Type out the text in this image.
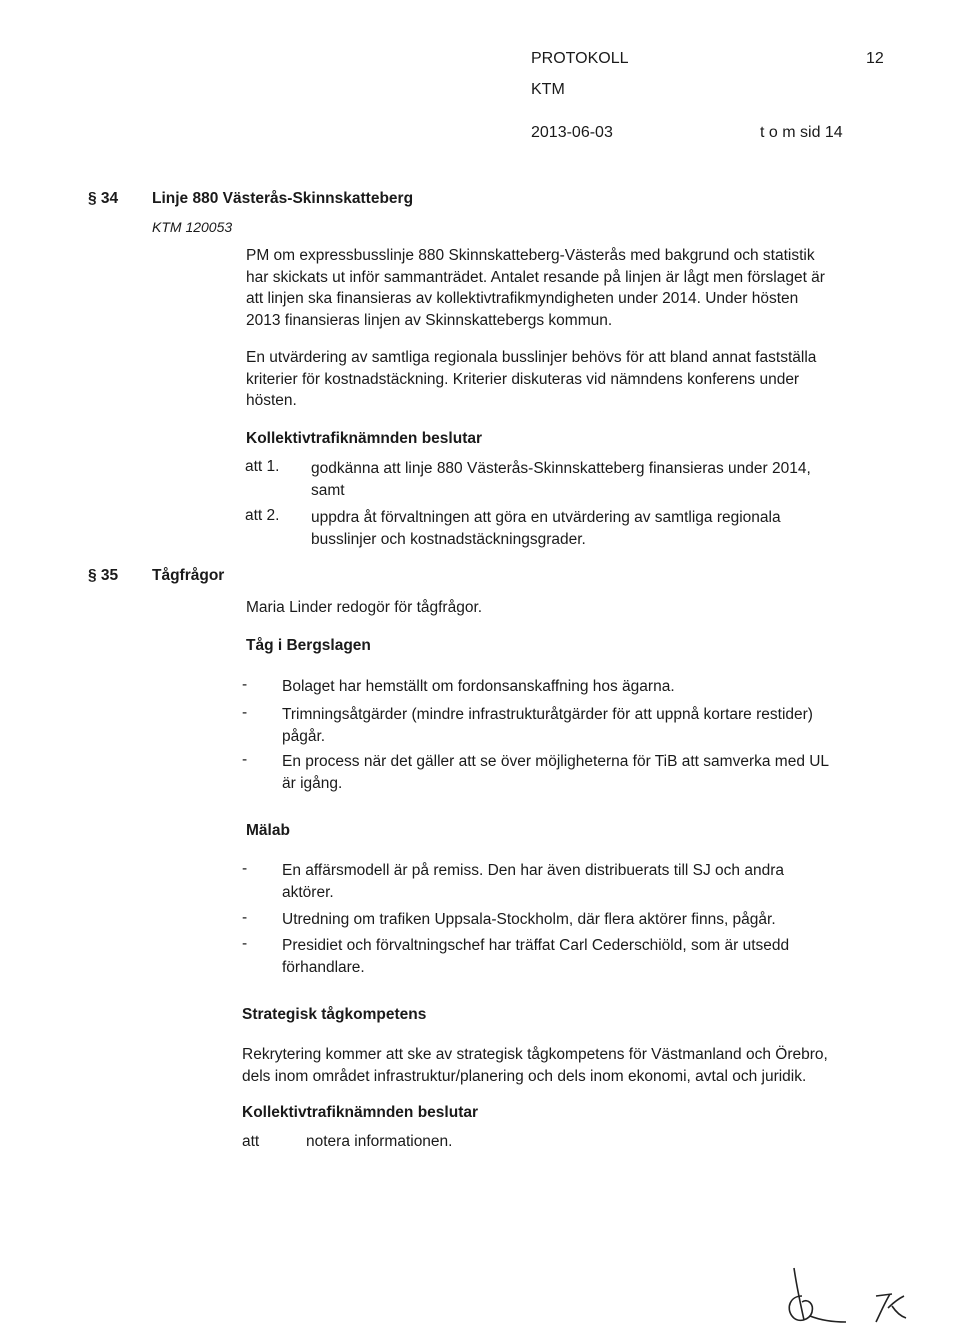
PROTOKOLL	12
KTM
2013-06-03	t o m sid 14
§ 34 Linje 880 Västerås-Skinnskatteberg
KTM 120053
PM om expressbusslinje 880 Skinnskatteberg-Västerås med bakgrund och statistik
har skickats ut inför sammanträdet. Antalet resande på linjen är lågt men förslaget är
att linjen ska finansieras av kollektivtrafikmyndigheten under 2014. Under hösten
2013 finansieras linjen av Skinnskattebergs kommun.
En utvärdering av samtliga regionala busslinjer behövs för att bland annat fastställa
kriterier för kostnadstäckning. Kriterier diskuteras vid nämndens konferens under
hösten.
Kollektivtrafiknämnden beslutar
att 1. godkänna att linje 880 Västerås-Skinnskatteberg finansieras under 2014,
samt
att 2. uppdra åt förvaltningen att göra en utvärdering av samtliga regionala
busslinjer och kostnadstäckningsgrader.
§ 35 Tågfrågor
Maria Linder redogör för tågfrågor.
Tåg i Bergslagen
- Bolaget har hemställt om fordonsanskaffning hos ägarna.
- Trimningsåtgärder (mindre infrastrukturåtgärder för att uppnå kortare restider)
pågår.
- En process när det gäller att se över möjligheterna för TiB att samverka med UL
är igång.
Mälab
- En affärsmodell är på remiss. Den har även distribuerats till SJ och andra
aktörer.
- Utredning om trafiken Uppsala-Stockholm, där flera aktörer finns, pågår.
- Presidiet och förvaltningschef har träffat Carl Cederschiöld, som är utsedd
förhandlare.
Strategisk tågkompetens
Rekrytering kommer att ske av strategisk tågkompetens för Västmanland och Örebro,
dels inom området infrastruktur/planering och dels inom ekonomi, avtal och juridik.
Kollektivtrafiknämnden beslutar
att	notera informationen.
